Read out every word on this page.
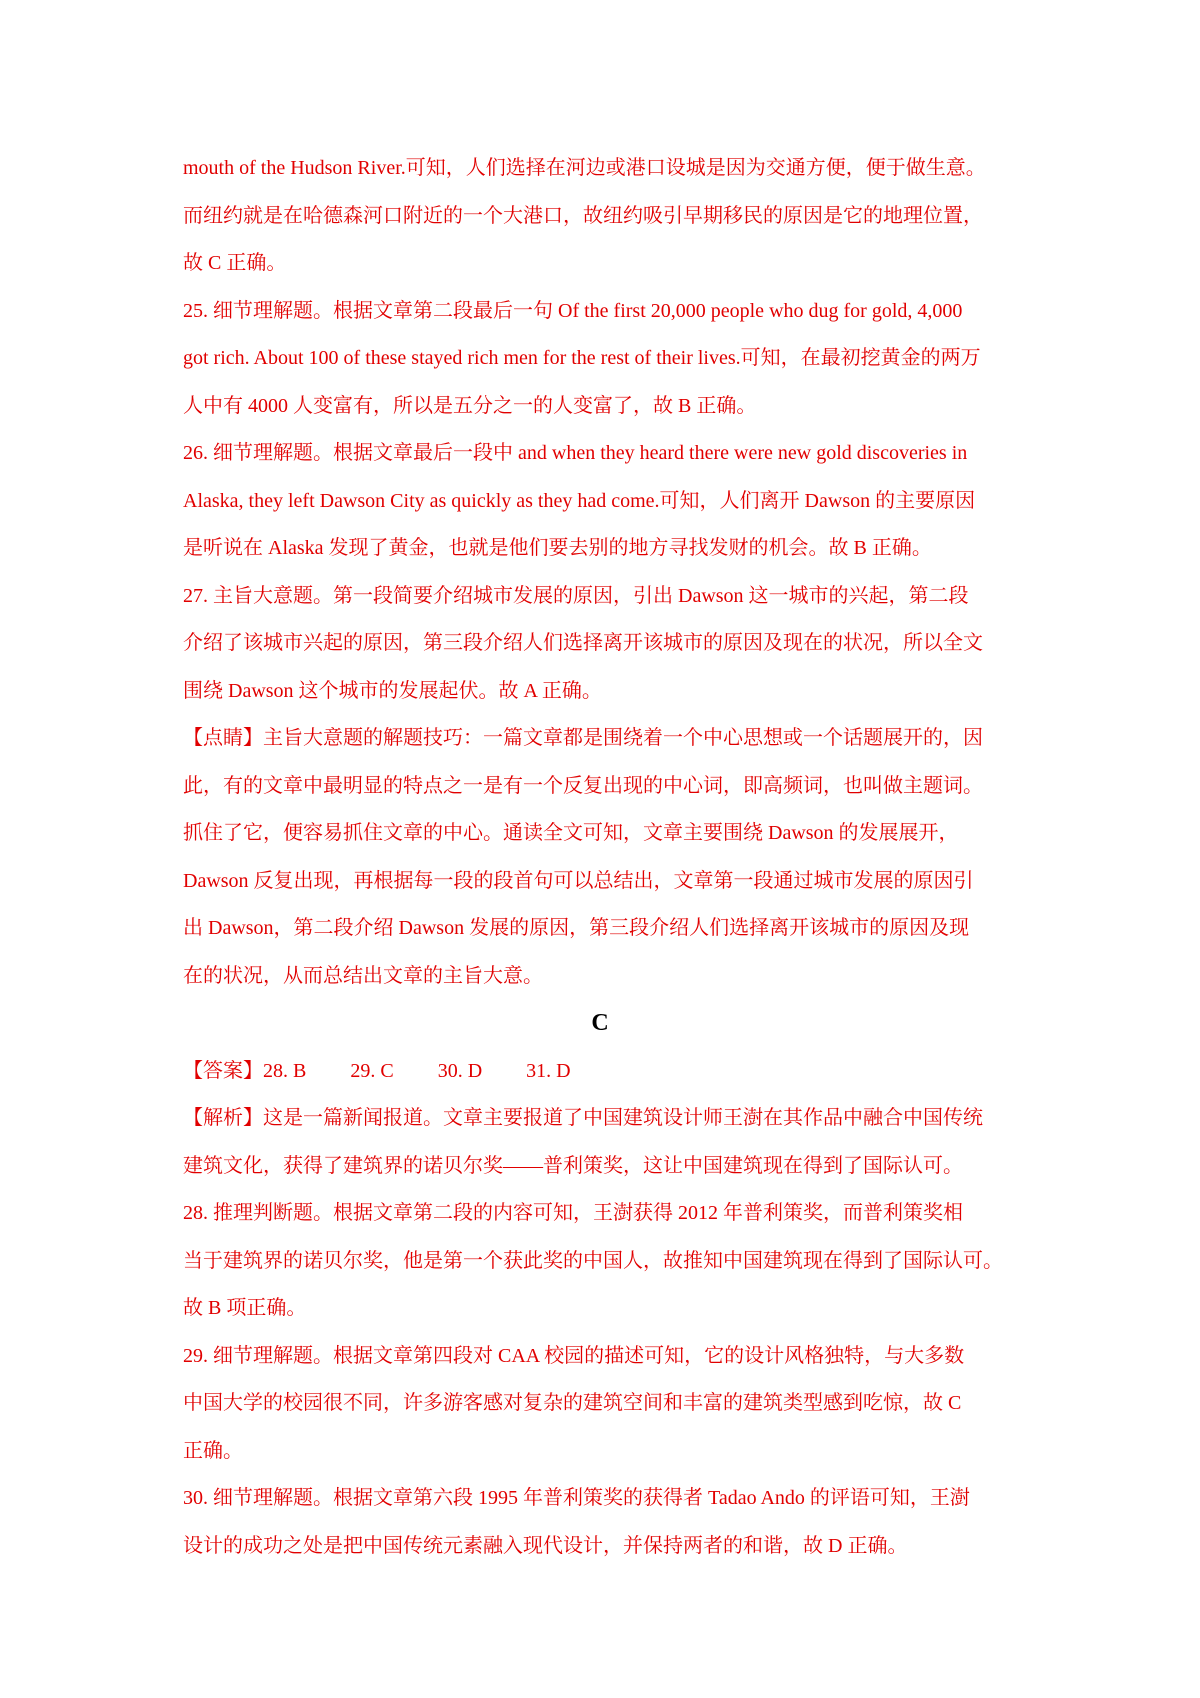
mouth of the Hudson River.可知，人们选择在河边或港口设城是因为交通方便，便于做生意。
而纽约就是在哈德森河口附近的一个大港口，故纽约吸引早期移民的原因是它的地理位置，
故 C 正确。
25. 细节理解题。根据文章第二段最后一句 Of the first 20,000 people who dug for gold, 4,000
got rich. About 100 of these stayed rich men for the rest of their lives.可知，在最初挖黄金的两万
人中有 4000 人变富有，所以是五分之一的人变富了，故 B 正确。
26. 细节理解题。根据文章最后一段中 and when they heard there were new gold discoveries in
Alaska, they left Dawson City as quickly as they had come.可知，人们离开 Dawson 的主要原因
是听说在 Alaska 发现了黄金，也就是他们要去别的地方寻找发财的机会。故 B 正确。
27. 主旨大意题。第一段简要介绍城市发展的原因，引出 Dawson 这一城市的兴起，第二段
介绍了该城市兴起的原因，第三段介绍人们选择离开该城市的原因及现在的状况，所以全文
围绕 Dawson 这个城市的发展起伏。故 A 正确。
【点睛】主旨大意题的解题技巧：一篇文章都是围绕着一个中心思想或一个话题展开的，因
此，有的文章中最明显的特点之一是有一个反复出现的中心词，即高频词，也叫做主题词。
抓住了它，便容易抓住文章的中心。通读全文可知，文章主要围绕 Dawson 的发展展开，
Dawson 反复出现，再根据每一段的段首句可以总结出，文章第一段通过城市发展的原因引
出 Dawson，第二段介绍 Dawson 发展的原因，第三段介绍人们选择离开该城市的原因及现
在的状况，从而总结出文章的主旨大意。
C
【答案】28. B 29. C 30. D 31. D
【解析】这是一篇新闻报道。文章主要报道了中国建筑设计师王澍在其作品中融合中国传统
建筑文化，获得了建筑界的诺贝尔奖——普利策奖，这让中国建筑现在得到了国际认可。
28. 推理判断题。根据文章第二段的内容可知，王澍获得 2012 年普利策奖，而普利策奖相
当于建筑界的诺贝尔奖，他是第一个获此奖的中国人，故推知中国建筑现在得到了国际认可。
故 B 项正确。
29. 细节理解题。根据文章第四段对 CAA 校园的描述可知，它的设计风格独特，与大多数
中国大学的校园很不同，许多游客感对复杂的建筑空间和丰富的建筑类型感到吃惊，故 C
正确。
30. 细节理解题。根据文章第六段 1995 年普利策奖的获得者 Tadao Ando 的评语可知，王澍
设计的成功之处是把中国传统元素融入现代设计，并保持两者的和谐，故 D 正确。
